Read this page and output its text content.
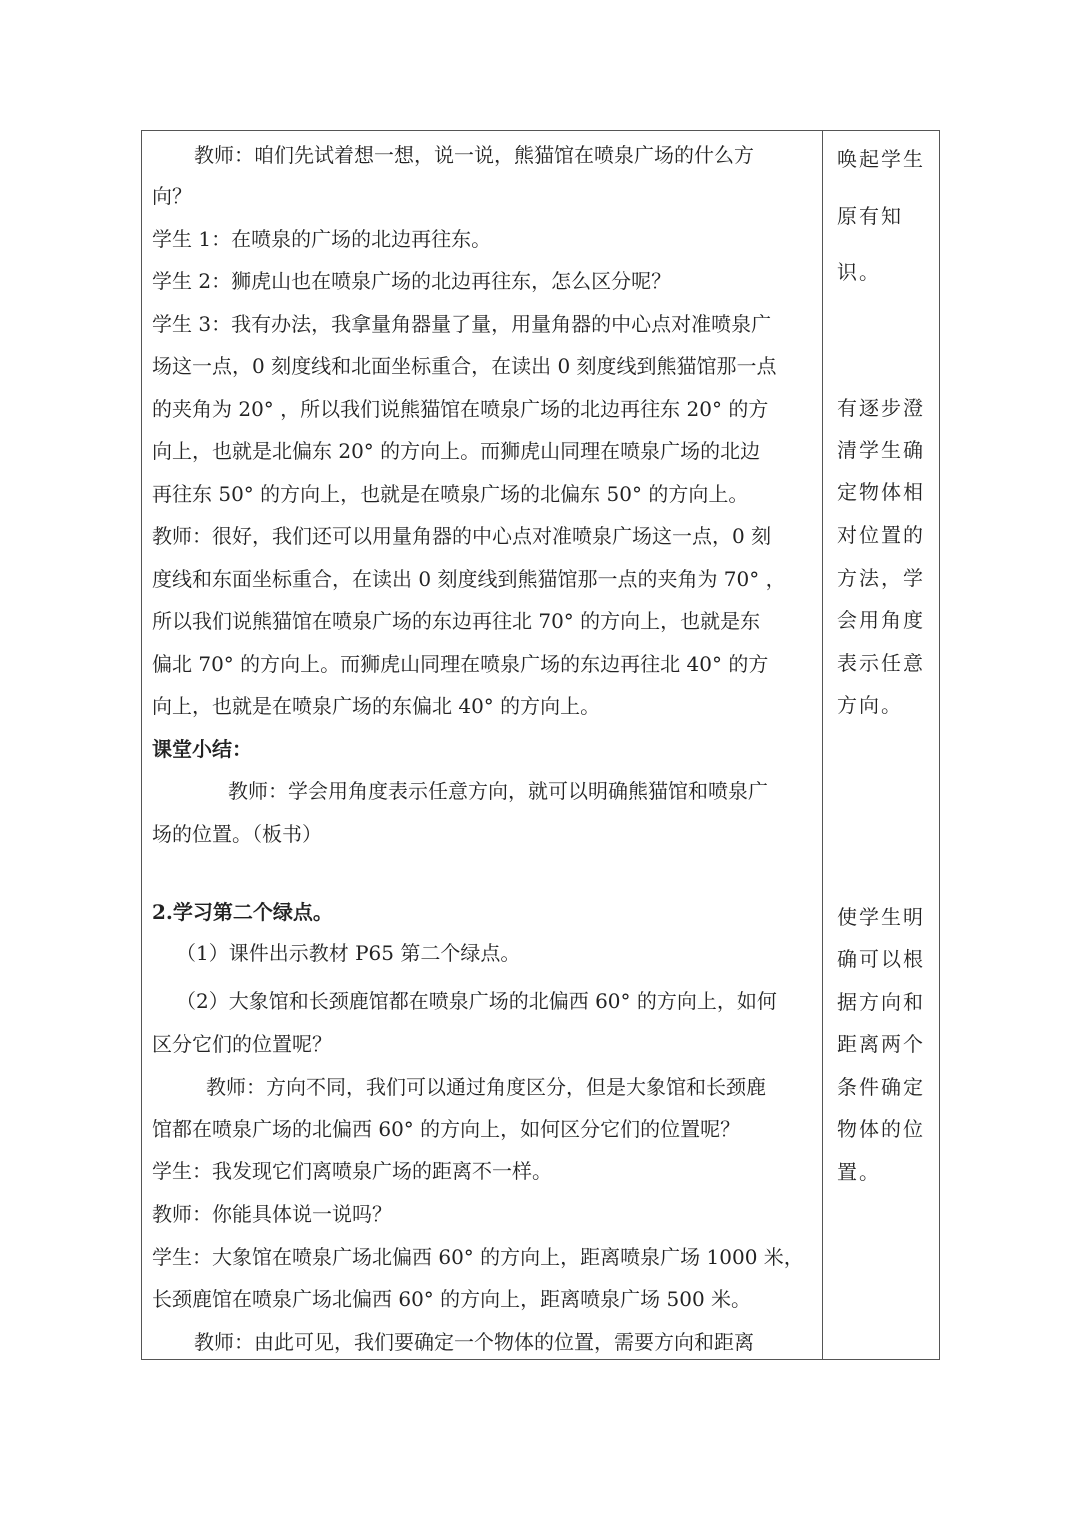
教师：咱们先试着想一想，说一说，熊猫馆在喷泉广场的什么方
向？
学生 1：在喷泉的广场的北边再往东。
学生 2：狮虎山也在喷泉广场的北边再往东，怎么区分呢？
学生 3：我有办法，我拿量角器量了量，用量角器的中心点对准喷泉广
场这一点，0 刻度线和北面坐标重合，在读出 0 刻度线到熊猫馆那一点
的夹角为 20° ，所以我们说熊猫馆在喷泉广场的北边再往东 20° 的方
向上，也就是北偏东 20° 的方向上。而狮虎山同理在喷泉广场的北边
再往东 50° 的方向上，也就是在喷泉广场的北偏东 50° 的方向上。
教师：很好，我们还可以用量角器的中心点对准喷泉广场这一点，0 刻
度线和东面坐标重合，在读出 0 刻度线到熊猫馆那一点的夹角为 70° ，
所以我们说熊猫馆在喷泉广场的东边再往北 70° 的方向上，也就是东
偏北 70° 的方向上。而狮虎山同理在喷泉广场的东边再往北 40° 的方
向上，也就是在喷泉广场的东偏北 40° 的方向上。
课堂小结：
教师：学会用角度表示任意方向，就可以明确熊猫馆和喷泉广
场的位置。（板书）
2.学习第二个绿点。
（1）课件出示教材 P65 第二个绿点。
（2）大象馆和长颈鹿馆都在喷泉广场的北偏西 60° 的方向上，如何
区分它们的位置呢？
教师：方向不同，我们可以通过角度区分，但是大象馆和长颈鹿
馆都在喷泉广场的北偏西 60° 的方向上，如何区分它们的位置呢？
学生：我发现它们离喷泉广场的距离不一样。
教师：你能具体说一说吗？
学生：大象馆在喷泉广场北偏西 60° 的方向上，距离喷泉广场 1000 米，
长颈鹿馆在喷泉广场北偏西 60° 的方向上，距离喷泉广场 500 米。
教师：由此可见，我们要确定一个物体的位置，需要方向和距离
唤起学生
原有知
识。
有逐步澄
清学生确
定物体相
对位置的
方法，学
会用角度
表示任意
方向。
使学生明
确可以根
据方向和
距离两个
条件确定
物体的位
置。
